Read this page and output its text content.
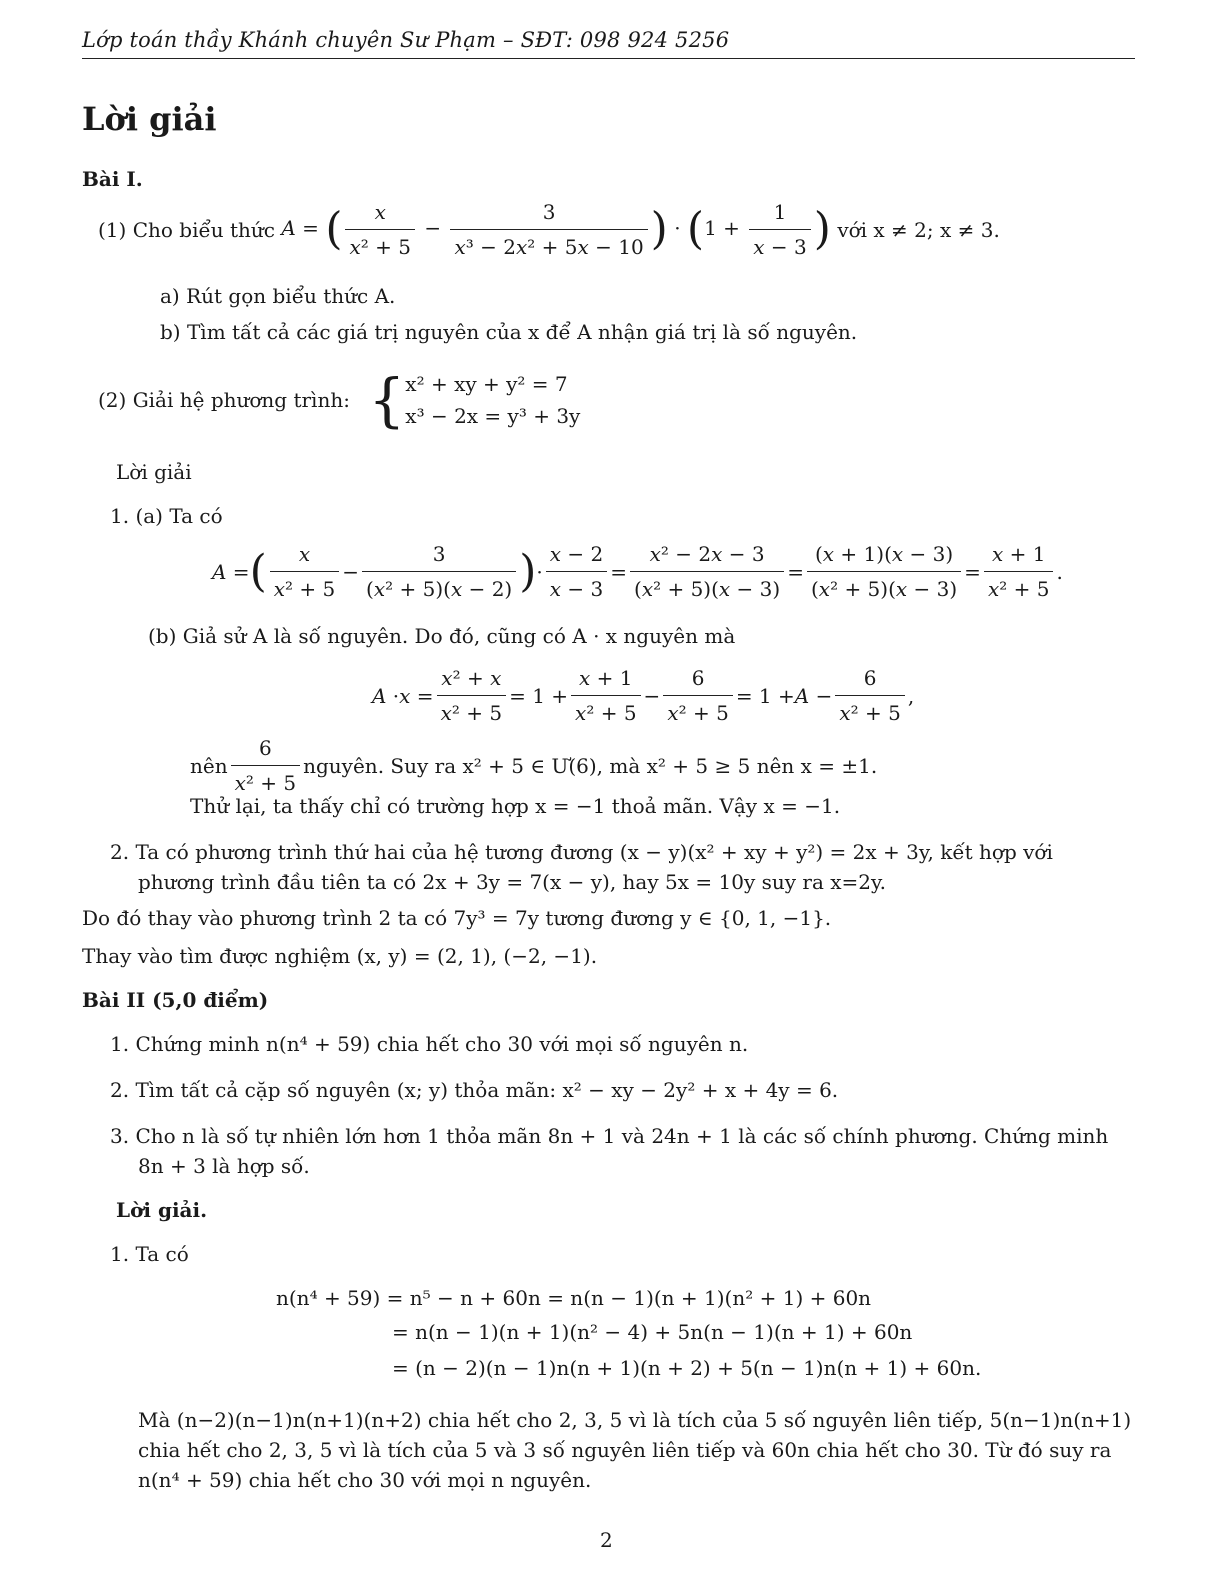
Lớp toán thầy Khánh chuyên Sư Phạm – SĐT: 098 924 5256
Lời giải
Bài I.
(1) Cho biểu thức A = ( $\frac{x}{\text{x² + 5}} - \frac{3}{\text{x³ − 2x² + 5x − 10}}$ ) · ($1 + \frac{1}{x - 3}$ ) với x ≠ 2; x ≠ 3.
a) Rút gọn biểu thức A.
b) Tìm tất cả các giá trị nguyên của x để A nhận giá trị là số nguyên.
(2) Giải hệ phương trình: { x² + xy + y² = 7
x³ − 2x = y³ + 3y
Lời giải
1. (a) Ta có
A = ( $\frac{x}{\text{x² + 5}} - \frac{3}{\text{(x² + 5)(x − 2)}}$ ) · $\frac{x - 2}{x - 3} = \frac{\text{x² − 2x − 3}}{\text{(x² + 5)(x − 3)}} = \frac{(x + 1)(x - 3)}{\text{(x² + 5)(x − 3)}} = \frac{x + 1}{\text{x² + 5}}$ .
(b) Giả sử A là số nguyên. Do đó, cũng có A · x nguyên mà
$A \cdot x = \frac{\text{x² + x}}{\text{x² + 5}} = 1 + \frac{x + 1}{\text{x² + 5}} - \frac{6}{\text{x² + 5}} = 1 + A - \frac{6}{\text{x² + 5}}$ ,
nên $\frac{6}{\text{x² + 5}}$ nguyên. Suy ra x² + 5 ∈ Ư(6), mà x² + 5 ≥ 5 nên x = ±1.
Thử lại, ta thấy chỉ có trường hợp x = −1 thoả mãn. Vậy x = −1.
2. Ta có phương trình thứ hai của hệ tương đương (x − y)(x² + xy + y²) = 2x + 3y, kết hợp với
phương trình đầu tiên ta có 2x + 3y = 7(x − y), hay 5x = 10y suy ra x=2y.
Do đó thay vào phương trình 2 ta có 7y³ = 7y tương đương y ∈ {0, 1, −1}.
Thay vào tìm được nghiệm (x, y) = (2, 1), (−2, −1).
Bài II (5,0 điểm)
1. Chứng minh n(n⁴ + 59) chia hết cho 30 với mọi số nguyên n.
2. Tìm tất cả cặp số nguyên (x; y) thỏa mãn: x² − xy − 2y² + x + 4y = 6.
3. Cho n là số tự nhiên lớn hơn 1 thỏa mãn 8n + 1 và 24n + 1 là các số chính phương. Chứng minh
8n + 3 là hợp số.
Lời giải.
1. Ta có
n(n⁴ + 59) = n⁵ − n + 60n = n(n − 1)(n + 1)(n² + 1) + 60n
= n(n − 1)(n + 1)(n² − 4) + 5n(n − 1)(n + 1) + 60n
= (n − 2)(n − 1)n(n + 1)(n + 2) + 5(n − 1)n(n + 1) + 60n.
Mà (n−2)(n−1)n(n+1)(n+2) chia hết cho 2, 3, 5 vì là tích của 5 số nguyên liên tiếp, 5(n−1)n(n+1)
chia hết cho 2, 3, 5 vì là tích của 5 và 3 số nguyên liên tiếp và 60n chia hết cho 30. Từ đó suy ra
n(n⁴ + 59) chia hết cho 30 với mọi n nguyên.
2
